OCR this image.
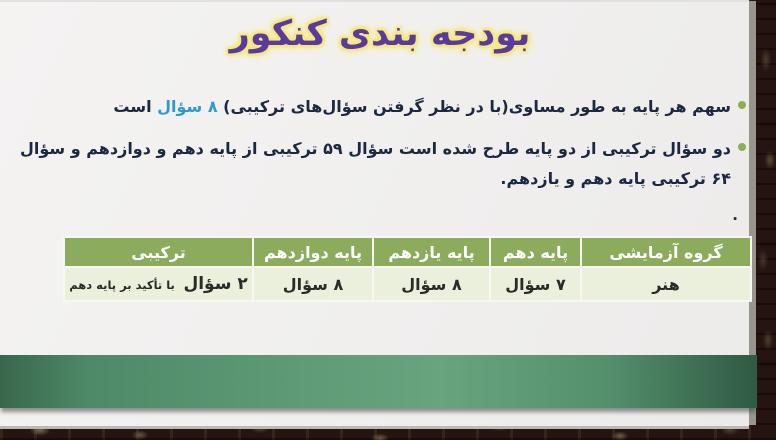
بودجه بندی کنکور
سهم هر پایه به طور مساوی(با در نظر گرفتن سؤال‌های ترکیبی) ۸ سؤال است
دو سؤال ترکیبی از دو پایه طرح شده است سؤال ۵۹ ترکیبی از پایه دهم و دوازدهم و سؤال ۶۴ ترکیبی پایه دهم و یازدهم.
.
گروه آزمایشی	پایه دهم	پایه یازدهم	پایه دوازدهم	ترکیبی
هنر	۷ سؤال	۸ سؤال	۸ سؤال	۲ سؤال با تأکید بر پایه دهم
